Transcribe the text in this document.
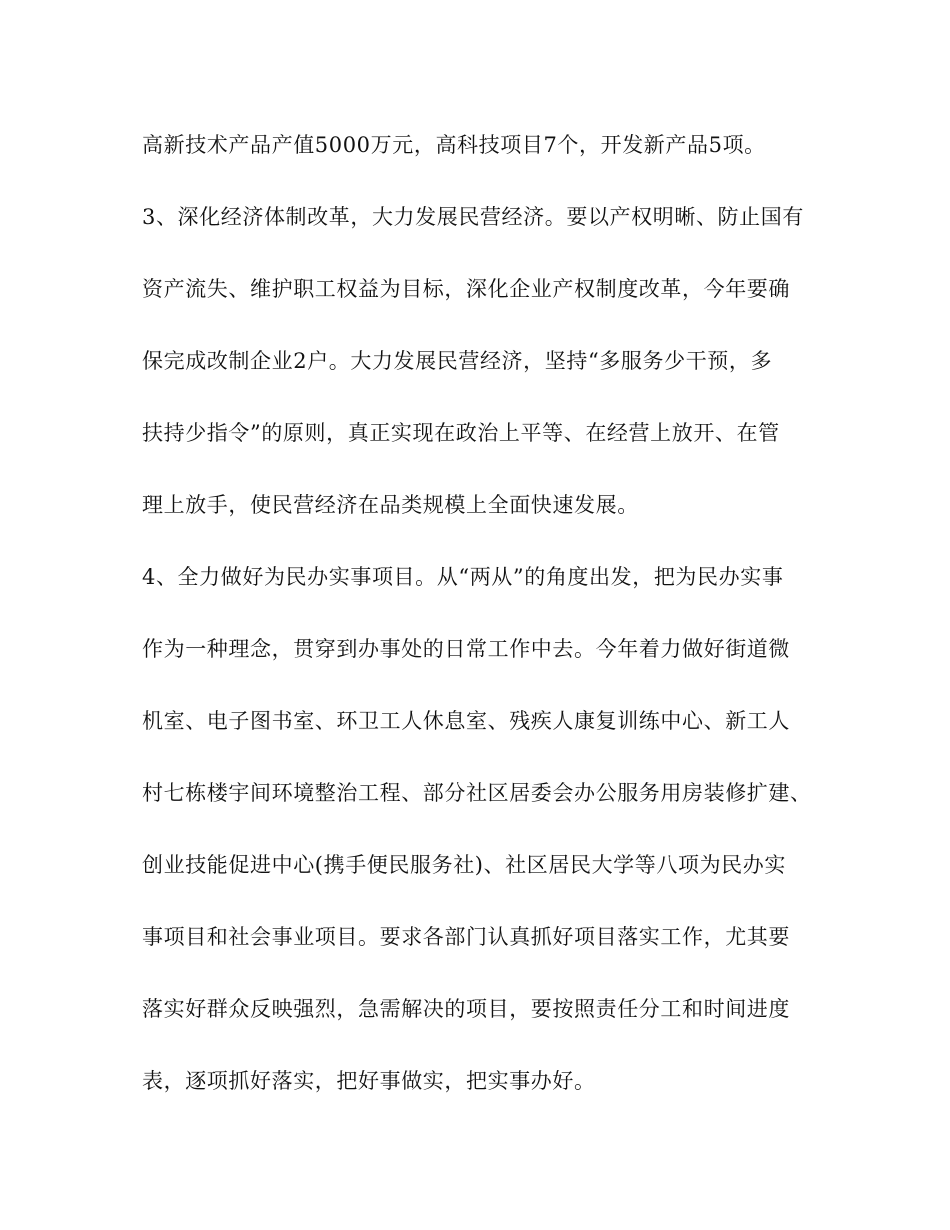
高新技术产品产值5000万元，高科技项目7个，开发新产品5项。
3、深化经济体制改革，大力发展民营经济。要以产权明晰、防止国有
资产流失、维护职工权益为目标，深化企业产权制度改革，今年要确
保完成改制企业2户。大力发展民营经济，坚持“多服务少干预，多
扶持少指令”的原则，真正实现在政治上平等、在经营上放开、在管
理上放手，使民营经济在品类规模上全面快速发展。
4、全力做好为民办实事项目。从“两从”的角度出发，把为民办实事
作为一种理念，贯穿到办事处的日常工作中去。今年着力做好街道微
机室、电子图书室、环卫工人休息室、残疾人康复训练中心、新工人
村七栋楼宇间环境整治工程、部分社区居委会办公服务用房装修扩建、
创业技能促进中心(携手便民服务社)、社区居民大学等八项为民办实
事项目和社会事业项目。要求各部门认真抓好项目落实工作，尤其要
落实好群众反映强烈，急需解决的项目，要按照责任分工和时间进度
表，逐项抓好落实，把好事做实，把实事办好。
